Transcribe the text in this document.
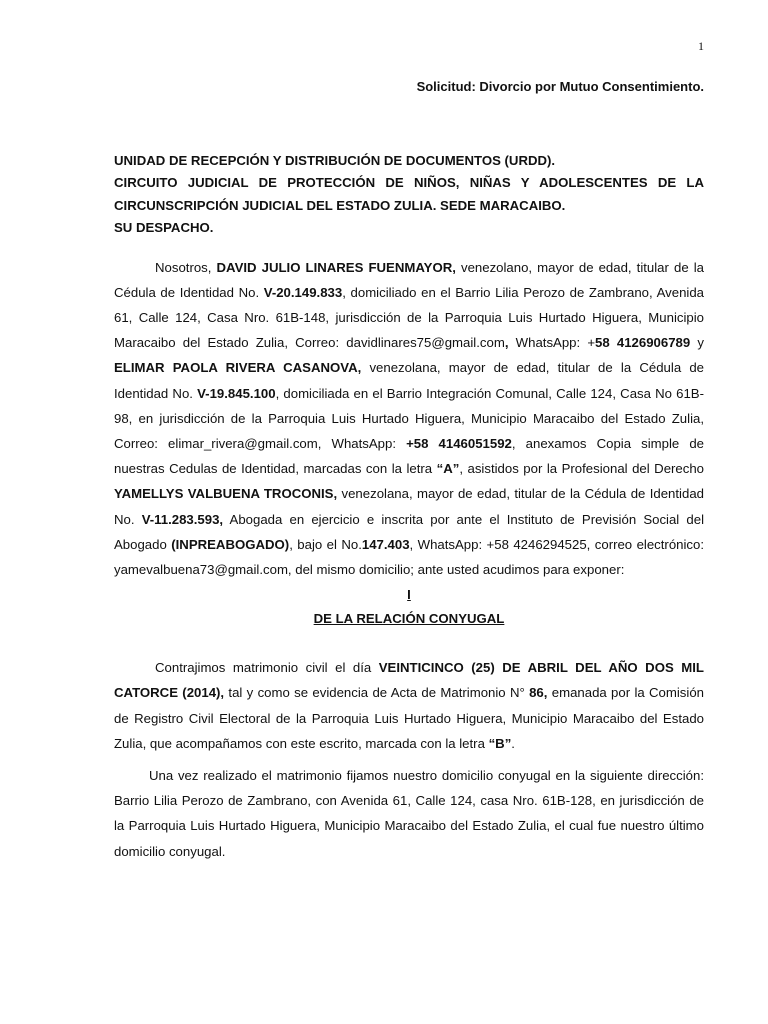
1
Solicitud: Divorcio por Mutuo Consentimiento.
UNIDAD DE RECEPCIÓN Y DISTRIBUCIÓN DE DOCUMENTOS (URDD).
CIRCUITO JUDICIAL DE PROTECCIÓN DE NIÑOS, NIÑAS Y ADOLESCENTES DE LA
CIRCUNSCRIPCIÓN JUDICIAL DEL ESTADO ZULIA. SEDE MARACAIBO.
SU DESPACHO.

Nosotros, DAVID JULIO LINARES FUENMAYOR, venezolano, mayor de edad, titular de la Cédula de Identidad No. V-20.149.833, domiciliado en el Barrio Lilia Perozo de Zambrano, Avenida 61, Calle 124, Casa Nro. 61B-148, jurisdicción de la Parroquia Luis Hurtado Higuera, Municipio Maracaibo del Estado Zulia, Correo: davidlinares75@gmail.com, WhatsApp: +58 4126906789 y ELIMAR PAOLA RIVERA CASANOVA, venezolana, mayor de edad, titular de la Cédula de Identidad No. V-19.845.100, domiciliada en el Barrio Integración Comunal, Calle 124, Casa No 61B-98, en jurisdicción de la Parroquia Luis Hurtado Higuera, Municipio Maracaibo del Estado Zulia, Correo: elimar_rivera@gmail.com, WhatsApp: +58 4146051592, anexamos Copia simple de nuestras Cedulas de Identidad, marcadas con la letra “A”, asistidos por la Profesional del Derecho YAMELLYS VALBUENA TROCONIS, venezolana, mayor de edad, titular de la Cédula de Identidad No. V-11.283.593, Abogada en ejercicio e inscrita por ante el Instituto de Previsión Social del Abogado (INPREABOGADO), bajo el No.147.403, WhatsApp: +58 4246294525, correo electrónico: yamevalbuena73@gmail.com, del mismo domicilio; ante usted acudimos para exponer:

I
DE LA RELACIÓN CONYUGAL

Contrajimos matrimonio civil el día VEINTICINCO (25) DE ABRIL DEL AÑO DOS MIL CATORCE (2014), tal y como se evidencia de Acta de Matrimonio N° 86, emanada por la Comisión de Registro Civil Electoral de la Parroquia Luis Hurtado Higuera, Municipio Maracaibo del Estado Zulia, que acompañamos con este escrito, marcada con la letra “B”.

Una vez realizado el matrimonio fijamos nuestro domicilio conyugal en la siguiente dirección: Barrio Lilia Perozo de Zambrano, con Avenida 61, Calle 124, casa Nro. 61B-128, en jurisdicción de la Parroquia Luis Hurtado Higuera, Municipio Maracaibo del Estado Zulia, el cual fue nuestro último domicilio conyugal.
